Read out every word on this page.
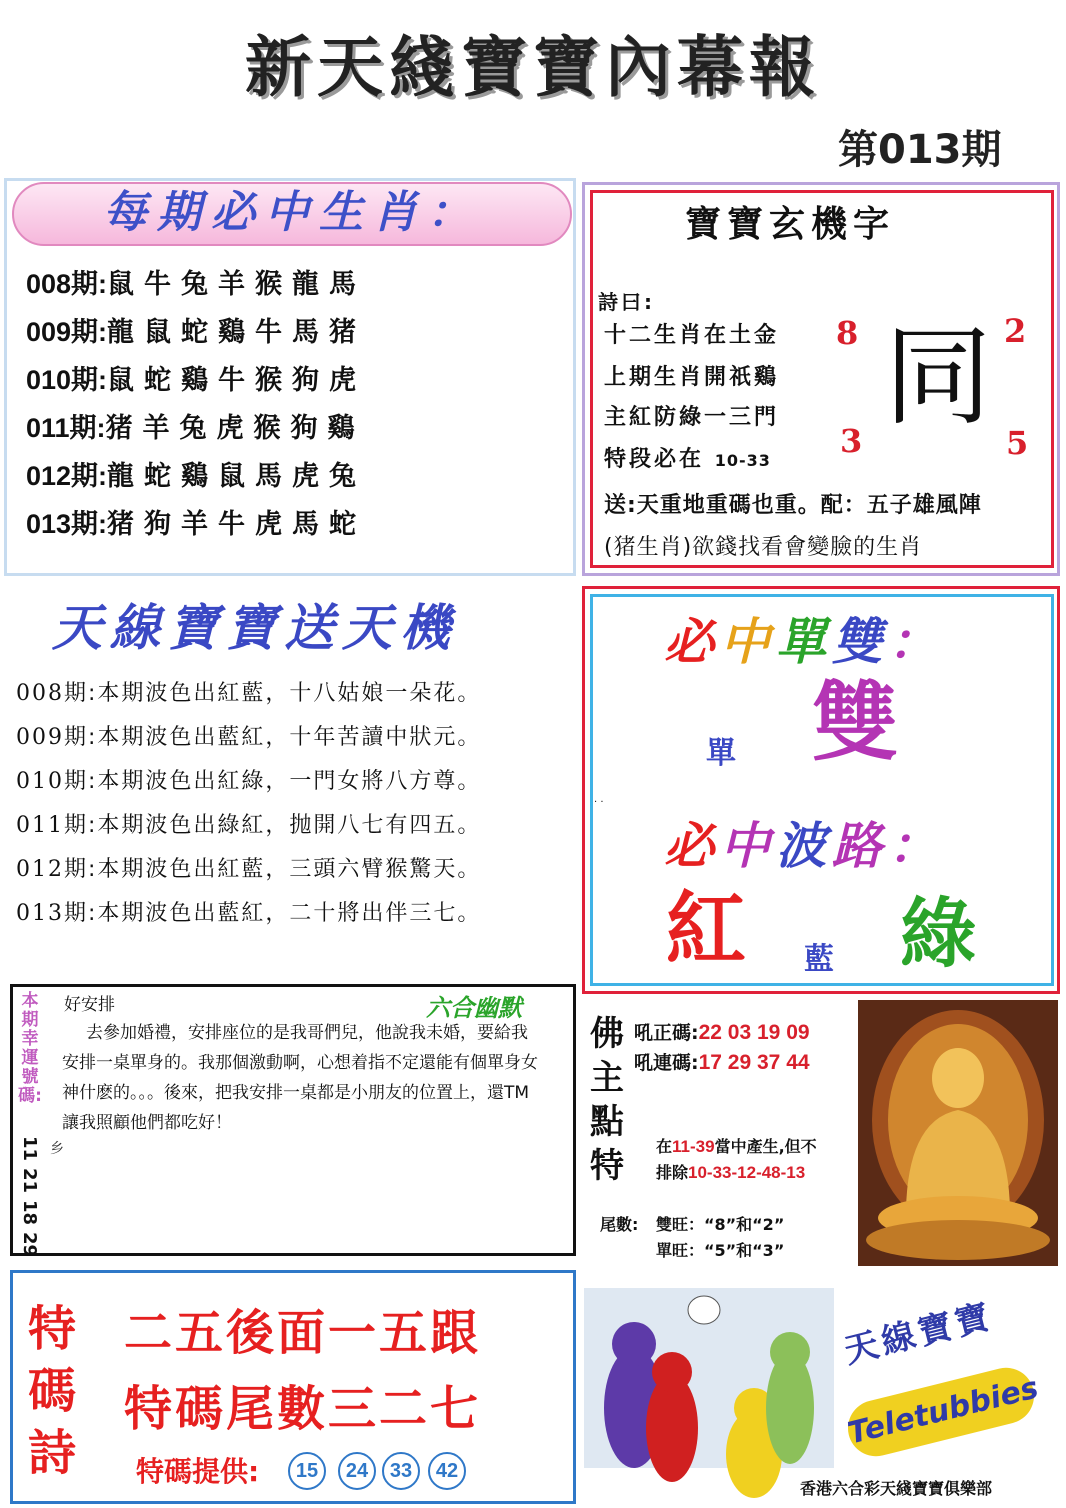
新天綫寶寶內幕報
第013期
每期必中生肖：
008期:鼠牛兔羊猴龍馬
009期:龍鼠蛇鷄牛馬猪
010期:鼠蛇鷄牛猴狗虎
011期:猪羊兔虎猴狗鷄
012期:龍蛇鷄鼠馬虎兔
013期:猪狗羊牛虎馬蛇
寶寶玄機字
詩曰:
十二生肖在土金
上期生肖開祇鷄
主紅防綠一三門
特段必在 10-33
8	2
3	5
同
送:天重地重碼也重。配：五子雄風陣
(猪生肖)欲錢找看會變臉的生肖
天線寶寶送天機
008期:本期波色出紅藍，十八姑娘一朵花。
009期:本期波色出藍紅，十年苦讀中狀元。
010期:本期波色出紅綠，一門女將八方尊。
011期:本期波色出綠紅，抛開八七有四五。
012期:本期波色出紅藍，三頭六臂猴驚天。
013期:本期波色出藍紅，二十將出伴三七。
必中單雙：
單 雙
. .
必中波路：
紅 藍 綠
本期幸運號碼:
11
21
18
29
好安排	六合幽默
去參加婚禮，安排座位的是我哥們兒，他說我未婚，要給我安排一桌單身的。我那個激動啊，心想着指不定還能有個單身女神什麽的。。。後來，把我安排一桌都是小朋友的位置上，還TM讓我照顧他們都吃好！
乡
佛主點特
吼正碼:22 03 19 09
吼連碼:17 29 37 44
在11-39當中產生,但不
排除10-33-12-48-13
尾數: 雙旺：“8”和“2”
單旺：“5”和“3”
特碼詩
二五後面一五跟
特碼尾數三二七
特碼提供:	15	24	33	42
天線寶寶
Teletubbies
香港六合彩天綫寶寶俱樂部
